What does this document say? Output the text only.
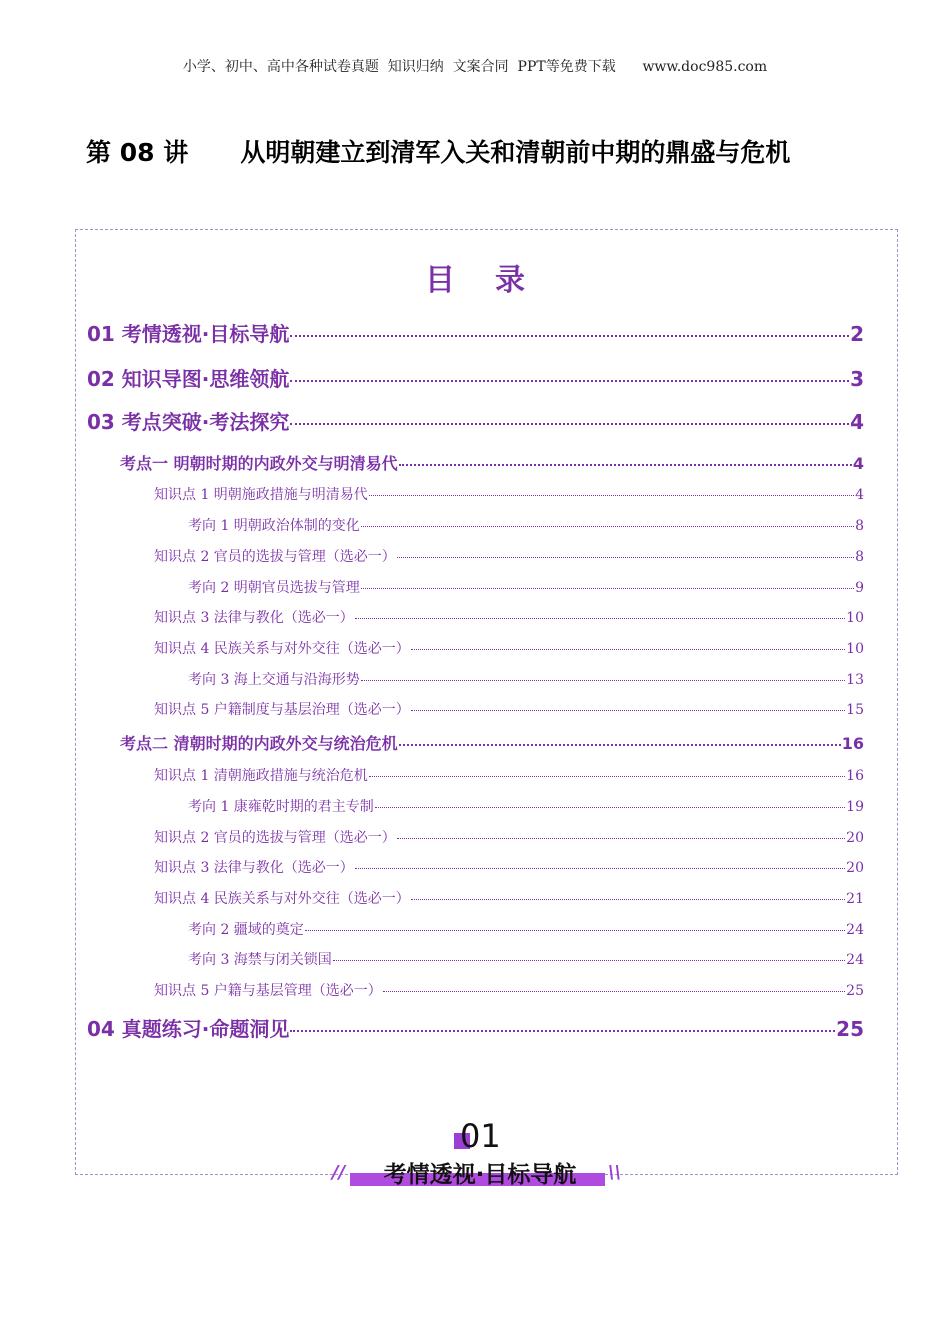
小学、初中、高中各种试卷真题  知识归纳  文案合同  PPT等免费下载      www.doc985.com
第 08 讲      从明朝建立到清军入关和清朝前中期的鼎盛与危机
目录
01 考情透视·目标导航	2
02 知识导图·思维领航	3
03 考点突破·考法探究	4
考点一 明朝时期的内政外交与明清易代	4
知识点 1 明朝施政措施与明清易代	4
考向 1 明朝政治体制的变化	8
知识点 2 官员的选拔与管理（选必一）	8
考向 2 明朝官员选拔与管理	9
知识点 3 法律与教化（选必一）	10
知识点 4 民族关系与对外交往（选必一）	10
考向 3 海上交通与沿海形势	13
知识点 5 户籍制度与基层治理（选必一）	15
考点二 清朝时期的内政外交与统治危机	16
知识点 1 清朝施政措施与统治危机	16
考向 1 康雍乾时期的君主专制	19
知识点 2 官员的选拔与管理（选必一）	20
知识点 3 法律与教化（选必一）	20
知识点 4 民族关系与对外交往（选必一）	21
考向 2 疆域的奠定	24
考向 3 海禁与闭关锁国	24
知识点 5 户籍与基层管理（选必一）	25
04 真题练习·命题洞见	25
01
//	\\
考情透视·目标导航
